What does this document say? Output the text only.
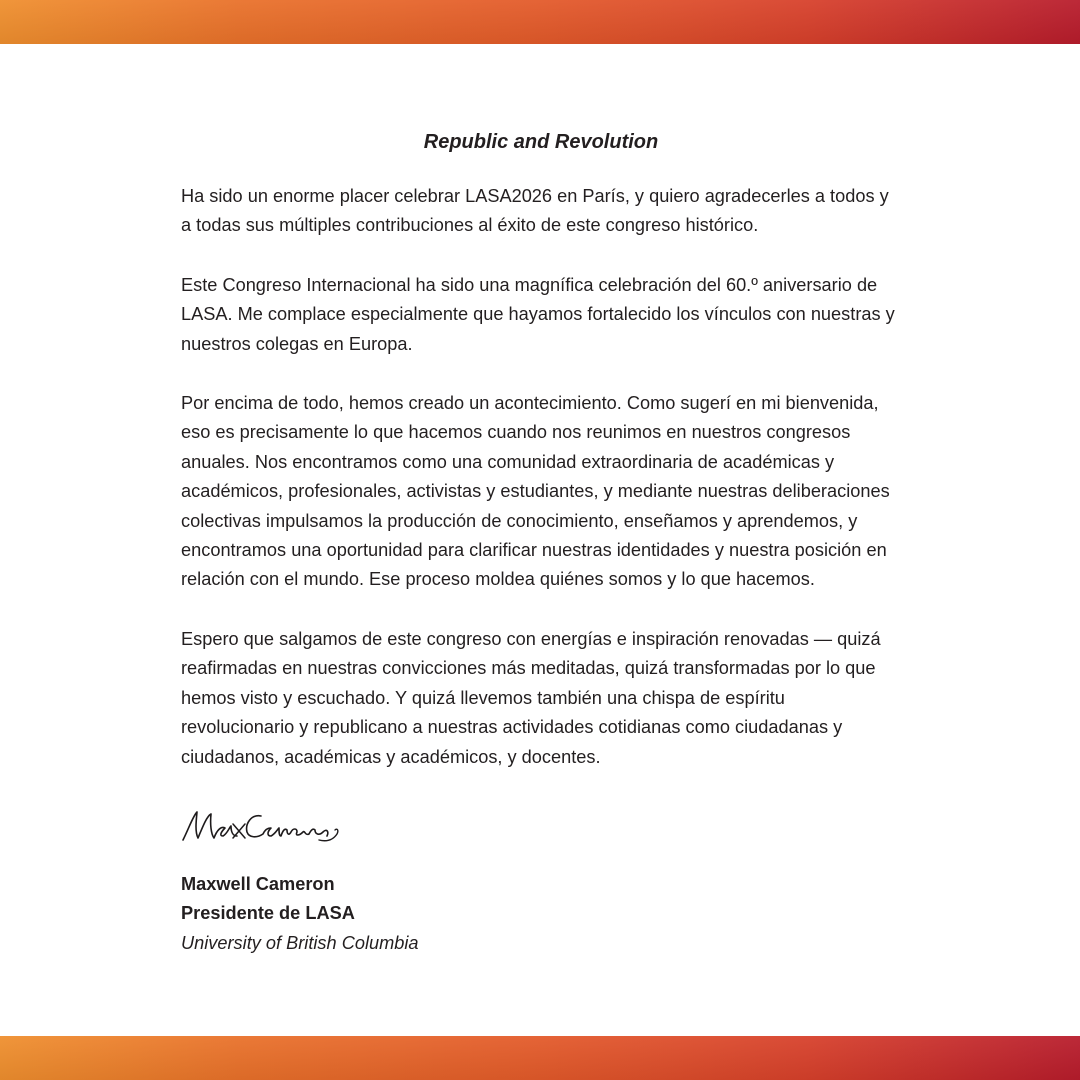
Republic and Revolution

Ha sido un enorme placer celebrar LASA2026 en París, y quiero agradecerles a todos y a todas sus múltiples contribuciones al éxito de este congreso histórico.

Este Congreso Internacional ha sido una magnífica celebración del 60.º aniversario de LASA. Me complace especialmente que hayamos fortalecido los vínculos con nuestras y nuestros colegas en Europa.

Por encima de todo, hemos creado un acontecimiento. Como sugerí en mi bienvenida, eso es precisamente lo que hacemos cuando nos reunimos en nuestros congresos anuales. Nos encontramos como una comunidad extraordinaria de académicas y académicos, profesionales, activistas y estudiantes, y mediante nuestras deliberaciones colectivas impulsamos la producción de conocimiento, enseñamos y aprendemos, y encontramos una oportunidad para clarificar nuestras identidades y nuestra posición en relación con el mundo. Ese proceso moldea quiénes somos y lo que hacemos.

Espero que salgamos de este congreso con energías e inspiración renovadas — quizá reafirmadas en nuestras convicciones más meditadas, quizá transformadas por lo que hemos visto y escuchado. Y quizá llevemos también una chispa de espíritu revolucionario y republicano a nuestras actividades cotidianas como ciudadanas y ciudadanos, académicas y académicos, y docentes.

Maxwell Cameron
Presidente de LASA
University of British Columbia
